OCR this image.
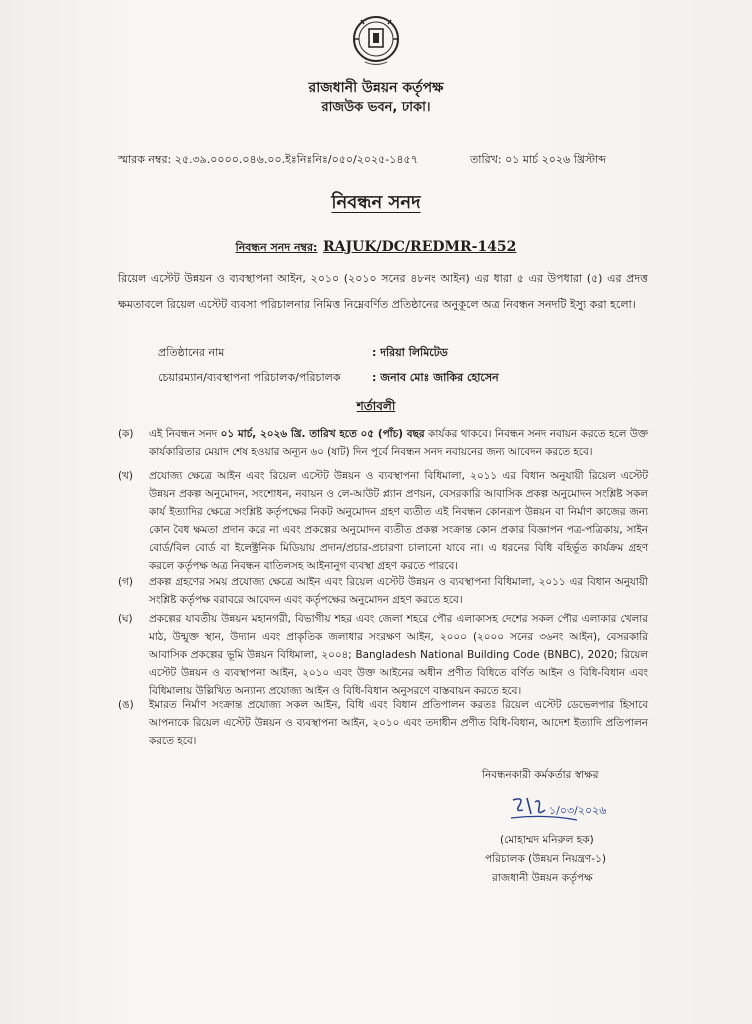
রাজধানী উন্নয়ন কর্তৃপক্ষ
রাজউক ভবন, ঢাকা।
স্মারক নম্বর: ২৫.৩৯.০০০০.০৪৬.০০.ইঃনিঃনিঃ/০৫০/২০২৫-১৪৫৭	তারিখ: ০১ মার্চ ২০২৬ খ্রিস্টাব্দ
নিবন্ধন সনদ
নিবন্ধন সনদ নম্বর: RAJUK/DC/REDMR-1452
রিয়েল এস্টেট উন্নয়ন ও ব্যবস্থাপনা আইন, ২০১০ (২০১০ সনের ৪৮নং আইন) এর ধারা ৫ এর উপধারা (৫) এর প্রদত্ত ক্ষমতাবলে রিয়েল এস্টেট ব্যবসা পরিচালনার নিমিত্ত নিম্নেবর্ণিত প্রতিষ্ঠানের অনুকূলে অত্র নিবন্ধন সনদটি ইস্যু করা হলো।
প্রতিষ্ঠানের নাম	: দরিয়া লিমিটেড
চেয়ারম্যান/ব্যবস্থাপনা পরিচালক/পরিচালক	: জনাব মোঃ জাকির হোসেন
শর্তাবলী
(ক) এই নিবন্ধন সনদ ০১ মার্চ, ২০২৬ খ্রি. তারিখ হতে ০৫ (পাঁচ) বছর কার্যকর থাকবে। নিবন্ধন সনদ নবায়ন করতে হলে উক্ত কার্যকারিতার মেয়াদ শেষ হওয়ার অন্যূন ৬০ (ষাট) দিন পূর্বে নিবন্ধন সনদ নবায়নের জন্য আবেদন করতে হবে।
(খ) প্রযোজ্য ক্ষেত্রে আইন এবং রিয়েল এস্টেট উন্নয়ন ও ব্যবস্থাপনা বিধিমালা, ২০১১ এর বিধান অনুযায়ী রিয়েল এস্টেট উন্নয়ন প্রকল্প অনুমোদন, সংশোধন, নবায়ন ও লে-আউট প্ল্যান প্রণয়ন, বেসরকারি আবাসিক প্রকল্প অনুমোদন সংশ্লিষ্ট সকল কার্য ইত্যাদির ক্ষেত্রে সংশ্লিষ্ট কর্তৃপক্ষের নিকট অনুমোদন গ্রহণ ব্যতীত এই নিবন্ধন কোনরূপ উন্নয়ন বা নির্মাণ কাজের জন্য কোন বৈধ ক্ষমতা প্রদান করে না এবং প্রকল্পের অনুমোদন ব্যতীত প্রকল্প সংক্রান্ত কোন প্রকার বিজ্ঞাপন পত্র-পত্রিকায়, সাইন বোর্ড/বিল বোর্ড বা ইলেক্ট্রনিক মিডিয়ায় প্রদান/প্রচার-প্রচারণা চালানো যাবে না। এ ধরনের বিধি বহির্ভূত কার্যক্রম গ্রহণ করলে কর্তৃপক্ষ অত্র নিবন্ধন বাতিলসহ আইনানুগ ব্যবস্থা গ্রহণ করতে পারবে।
(গ) প্রকল্প গ্রহণের সময় প্রযোজ্য ক্ষেত্রে আইন এবং রিয়েল এস্টেট উন্নয়ন ও ব্যবস্থাপনা বিধিমালা, ২০১১ এর বিধান অনুযায়ী সংশ্লিষ্ট কর্তৃপক্ষ বরাবরে আবেদন এবং কর্তৃপক্ষের অনুমোদন গ্রহণ করতে হবে।
(ঘ) প্রকল্পের যাবতীয় উন্নয়ন মহানগরী, বিভাগীয় শহর এবং জেলা শহরে পৌর এলাকাসহ দেশের সকল পৌর এলাকার খেলার মাঠ, উন্মুক্ত স্থান, উদ্যান এবং প্রাকৃতিক জলাধার সংরক্ষণ আইন, ২০০০ (২০০০ সনের ৩৬নং আইন), বেসরকারি আবাসিক প্রকল্পের ভূমি উন্নয়ন বিধিমালা, ২০০৪; Bangladesh National Building Code (BNBC), 2020; রিয়েল এস্টেট উন্নয়ন ও ব্যবস্থাপনা আইন, ২০১০ এবং উক্ত আইনের অধীন প্রণীত বিধিতে বর্ণিত আইন ও বিধি-বিধান এবং বিধিমালায় উল্লিখিত অন্যান্য প্রযোজ্য আইন ও বিধি-বিধান অনুসরণে বাস্তবায়ন করতে হবে।
(ঙ) ইমারত নির্মাণ সংক্রান্ত প্রযোজ্য সকল আইন, বিধি এবং বিধান প্রতিপালন করতঃ রিয়েল এস্টেট ডেভেলপার হিসাবে আপনাকে রিয়েল এস্টেট উন্নয়ন ও ব্যবস্থাপনা আইন, ২০১০ এবং তদাধীন প্রণীত বিধি-বিধান, আদেশ ইত্যাদি প্রতিপালন করতে হবে।
নিবন্ধনকারী কর্মকর্তার স্বাক্ষর
১/০৩/২০২৬
(মোহাম্মদ মনিরুল হক)
পরিচালক (উন্নয়ন নিয়ন্ত্রণ-১)
রাজধানী উন্নয়ন কর্তৃপক্ষ
